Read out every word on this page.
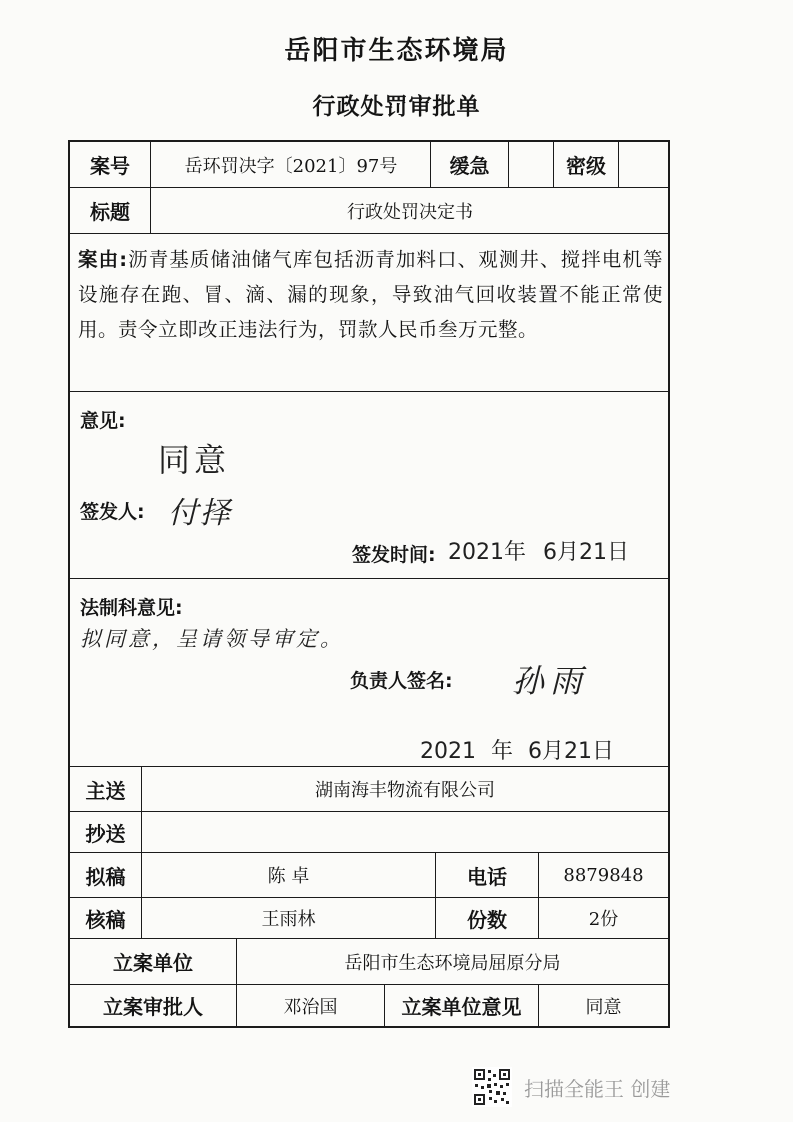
岳阳市生态环境局
行政处罚审批单
案号	岳环罚决字〔2021〕97号	缓急	密级
标题	行政处罚决定书
案由:沥青基质储油储气库包括沥青加料口、观测井、搅拌电机等设施存在跑、冒、滴、漏的现象，导致油气回收装置不能正常使用。责令立即改正违法行为，罚款人民币叁万元整。
意见:
同意
签发人: 付择
签发时间: 2021年 6月21日
法制科意见:
拟同意，呈请领导审定。
负责人签名: 孙雨
2021 年 6月21日
主送	湖南海丰物流有限公司
抄送
拟稿	陈 卓	电话	8879848
核稿	王雨林	份数	2份
立案单位	岳阳市生态环境局屈原分局
立案审批人	邓治国	立案单位意见	同意
扫描全能王 创建
